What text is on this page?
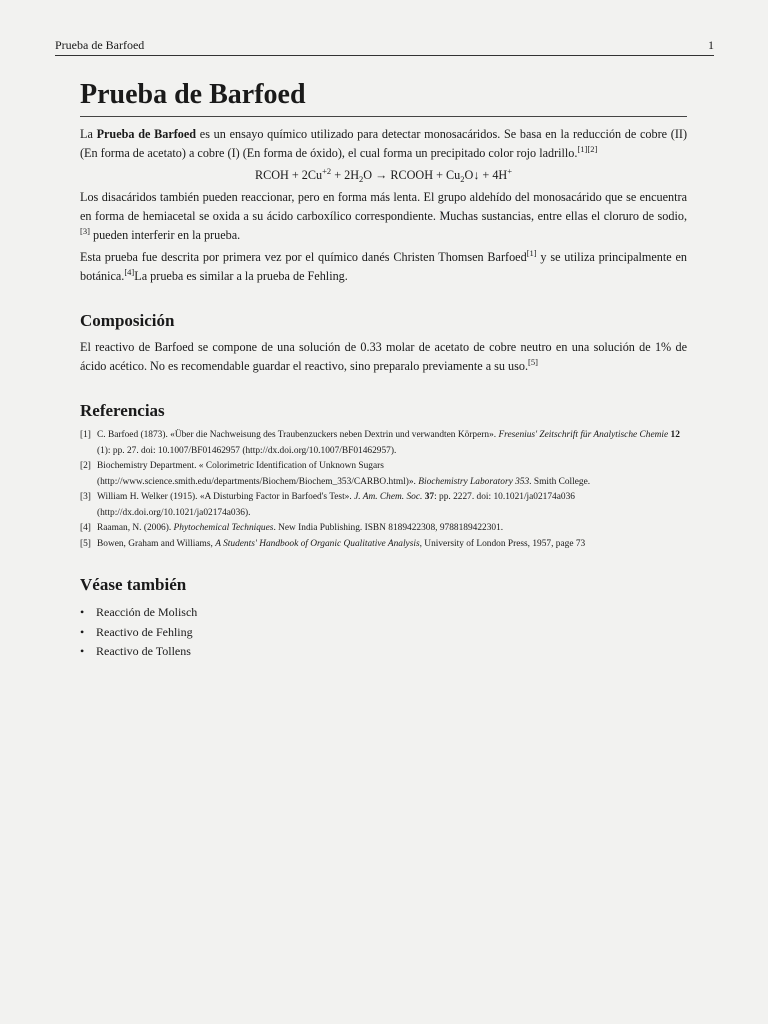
Prueba de Barfoed	1
Prueba de Barfoed

La Prueba de Barfoed es un ensayo químico utilizado para detectar monosacáridos. Se basa en la reducción de cobre (II) (En forma de acetato) a cobre (I) (En forma de óxido), el cual forma un precipitado color rojo ladrillo.[1][2]

RCOH + $2Cu^{+2} + 2H_2O$ → RCOOH + $Cu_2O↓ + 4H^+$

Los disacáridos también pueden reaccionar, pero en forma más lenta. El grupo aldehído del monosacárido que se encuentra en forma de hemiacetal se oxida a su ácido carboxílico correspondiente. Muchas sustancias, entre ellas el cloruro de sodio,[3] pueden interferir en la prueba.

Esta prueba fue descrita por primera vez por el químico danés Christen Thomsen Barfoed[1] y se utiliza principalmente en botánica.[4]La prueba es similar a la prueba de Fehling.

Composición

El reactivo de Barfoed se compone de una solución de 0.33 molar de acetato de cobre neutro en una solución de 1% de ácido acético. No es recomendable guardar el reactivo, sino preparalo previamente a su uso.[5]

Referencias
[1] C. Barfoed (1873). «Über die Nachweisung des Traubenzuckers neben Dextrin und verwandten Körpern». Fresenius' Zeitschrift für Analytische Chemie 12 (1): pp. 27. doi: 10.1007/BF01462957 (http://dx.doi.org/10.1007/BF01462957).
[2] Biochemistry Department. « Colorimetric Identification of Unknown Sugars (http://www.science.smith.edu/departments/Biochem/Biochem_353/CARBO.html)». Biochemistry Laboratory 353. Smith College.
[3] William H. Welker (1915). «A Disturbing Factor in Barfoed's Test». J. Am. Chem. Soc. 37: pp. 2227. doi: 10.1021/ja02174a036 (http://dx.doi.org/10.1021/ja02174a036).
[4] Raaman, N. (2006). Phytochemical Techniques. New India Publishing. ISBN 8189422308, 9788189422301.
[5] Bowen, Graham and Williams, A Students' Handbook of Organic Qualitative Analysis, University of London Press, 1957, page 73
Véase también
• Reacción de Molisch
• Reactivo de Fehling
• Reactivo de Tollens
